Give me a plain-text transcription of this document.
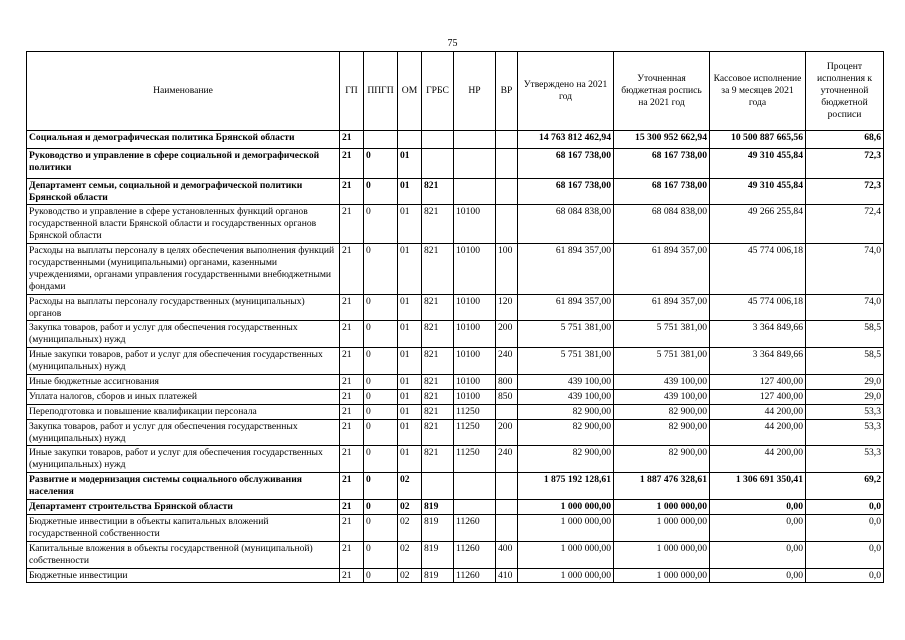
75
Наименование	ГП	ППГП	ОМ	ГРБС	НР	ВР	Утверждено на 2021 год	Уточненная бюджетная роспись на 2021 год	Кассовое исполнение за 9 месяцев 2021 года	Процент исполнения к уточненной бюджетной росписи
Социальная и демографическая политика Брянской области	21						14 763 812 462,94	15 300 952 662,94	10 500 887 665,56	68,6
Руководство и управление в сфере социальной и демографической политики	21	0	01				68 167 738,00	68 167 738,00	49 310 455,84	72,3
Департамент семьи, социальной и демографической политики Брянской области	21	0	01	821			68 167 738,00	68 167 738,00	49 310 455,84	72,3
Руководство и управление в сфере установленных функций органов государственной власти Брянской области и государственных органов Брянской области	21	0	01	821	10100		68 084 838,00	68 084 838,00	49 266 255,84	72,4
Расходы на выплаты персоналу в целях обеспечения выполнения функций государственными (муниципальными) органами, казенными учреждениями, органами управления государственными внебюджетными фондами	21	0	01	821	10100	100	61 894 357,00	61 894 357,00	45 774 006,18	74,0
Расходы на выплаты персоналу государственных (муниципальных) органов	21	0	01	821	10100	120	61 894 357,00	61 894 357,00	45 774 006,18	74,0
Закупка товаров, работ и услуг для обеспечения государственных (муниципальных) нужд	21	0	01	821	10100	200	5 751 381,00	5 751 381,00	3 364 849,66	58,5
Иные закупки товаров, работ и услуг для обеспечения государственных (муниципальных) нужд	21	0	01	821	10100	240	5 751 381,00	5 751 381,00	3 364 849,66	58,5
Иные бюджетные ассигнования	21	0	01	821	10100	800	439 100,00	439 100,00	127 400,00	29,0
Уплата налогов, сборов и иных платежей	21	0	01	821	10100	850	439 100,00	439 100,00	127 400,00	29,0
Переподготовка и повышение квалификации персонала	21	0	01	821	11250		82 900,00	82 900,00	44 200,00	53,3
Закупка товаров, работ и услуг для обеспечения государственных (муниципальных) нужд	21	0	01	821	11250	200	82 900,00	82 900,00	44 200,00	53,3
Иные закупки товаров, работ и услуг для обеспечения государственных (муниципальных) нужд	21	0	01	821	11250	240	82 900,00	82 900,00	44 200,00	53,3
Развитие и модернизация системы социального обслуживания населения	21	0	02				1 875 192 128,61	1 887 476 328,61	1 306 691 350,41	69,2
Департамент строительства Брянской области	21	0	02	819			1 000 000,00	1 000 000,00	0,00	0,0
Бюджетные инвестиции в объекты капитальных вложений государственной собственности	21	0	02	819	11260		1 000 000,00	1 000 000,00	0,00	0,0
Капитальные вложения в объекты государственной (муниципальной) собственности	21	0	02	819	11260	400	1 000 000,00	1 000 000,00	0,00	0,0
Бюджетные инвестиции	21	0	02	819	11260	410	1 000 000,00	1 000 000,00	0,00	0,0
